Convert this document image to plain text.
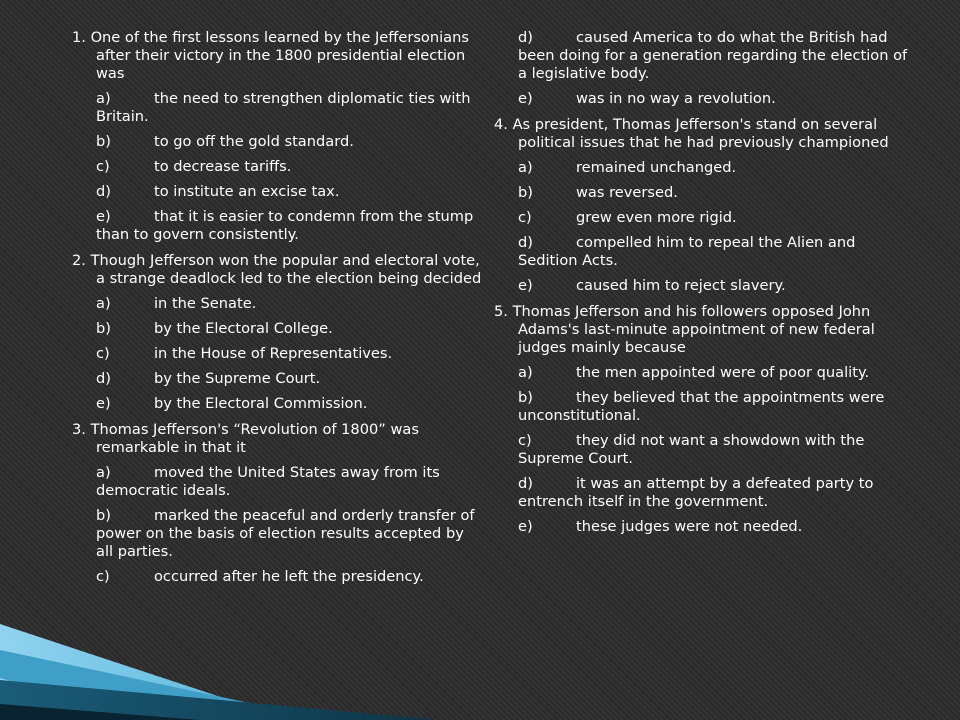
1. One of the first lessons learned by the Jeffersonians after their victory in the 1800 presidential election was
a)	the need to strengthen diplomatic ties with Britain.
b)	to go off the gold standard.
c)	to decrease tariffs.
d)	to institute an excise tax.
e)	that it is easier to condemn from the stump than to govern consistently.
2. Though Jefferson won the popular and electoral vote, a strange deadlock led to the election being decided
a)	in the Senate.
b)	by the Electoral College.
c)	in the House of Representatives.
d)	by the Supreme Court.
e)	by the Electoral Commission.
3. Thomas Jefferson's “Revolution of 1800” was remarkable in that it
a)	moved the United States away from its democratic ideals.
b)	marked the peaceful and orderly transfer of power on the basis of election results accepted by all parties.
c)	occurred after he left the presidency.
d)	caused America to do what the British had been doing for a generation regarding the election of a legislative body.
e)	was in no way a revolution.
4. As president, Thomas Jefferson's stand on several political issues that he had previously championed
a)	remained unchanged.
b)	was reversed.
c)	grew even more rigid.
d)	compelled him to repeal the Alien and Sedition Acts.
e)	caused him to reject slavery.
5. Thomas Jefferson and his followers opposed John Adams's last-minute appointment of new federal judges mainly because
a)	the men appointed were of poor quality.
b)	they believed that the appointments were unconstitutional.
c)	they did not want a showdown with the Supreme Court.
d)	it was an attempt by a defeated party to entrench itself in the government.
e)	these judges were not needed.
